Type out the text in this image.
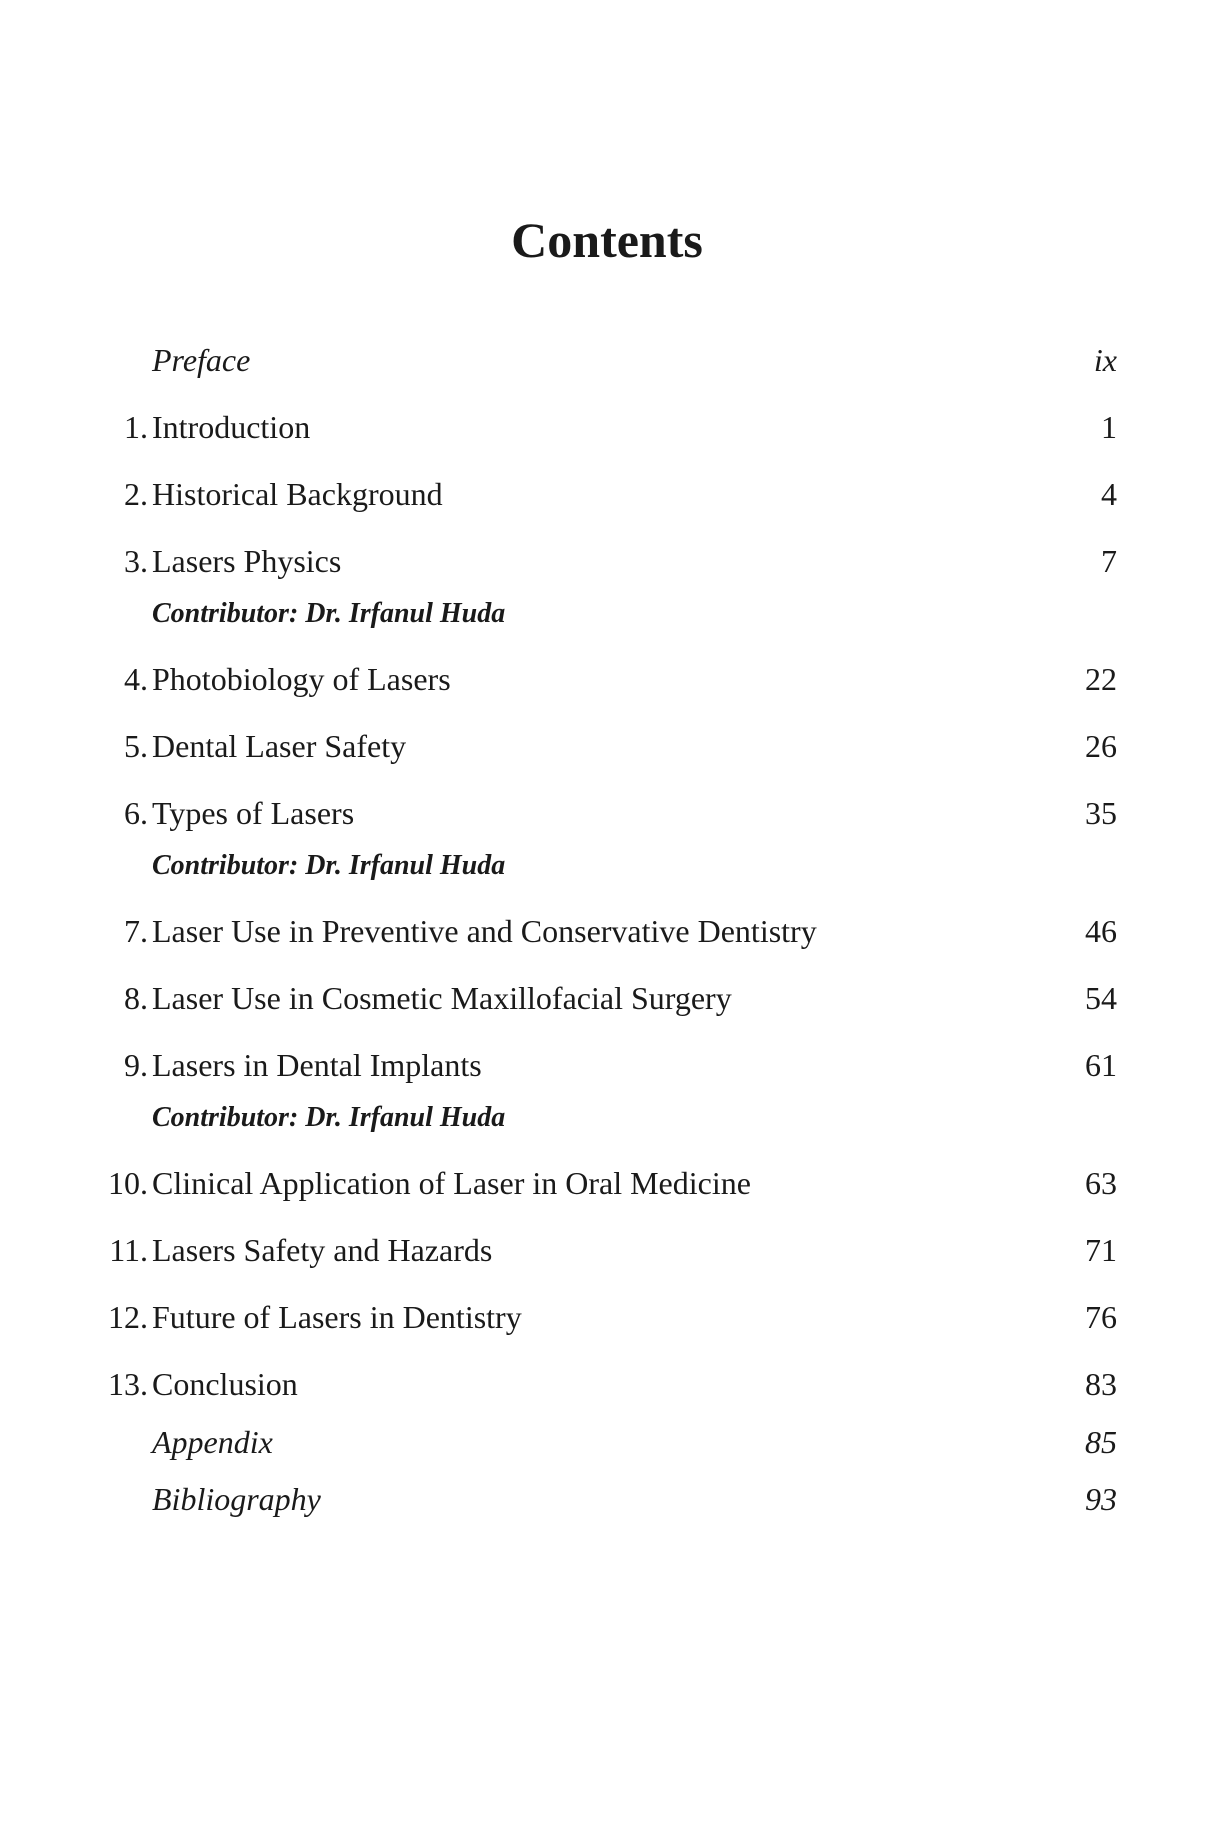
Contents
Preface	ix
1. Introduction	1
2. Historical Background	4
3. Lasers Physics	7
Contributor: Dr. Irfanul Huda
4. Photobiology of Lasers	22
5. Dental Laser Safety	26
6. Types of Lasers	35
Contributor: Dr. Irfanul Huda
7. Laser Use in Preventive and Conservative Dentistry	46
8. Laser Use in Cosmetic Maxillofacial Surgery	54
9. Lasers in Dental Implants	61
Contributor: Dr. Irfanul Huda
10. Clinical Application of Laser in Oral Medicine	63
11. Lasers Safety and Hazards	71
12. Future of Lasers in Dentistry	76
13. Conclusion	83
Appendix	85
Bibliography	93
